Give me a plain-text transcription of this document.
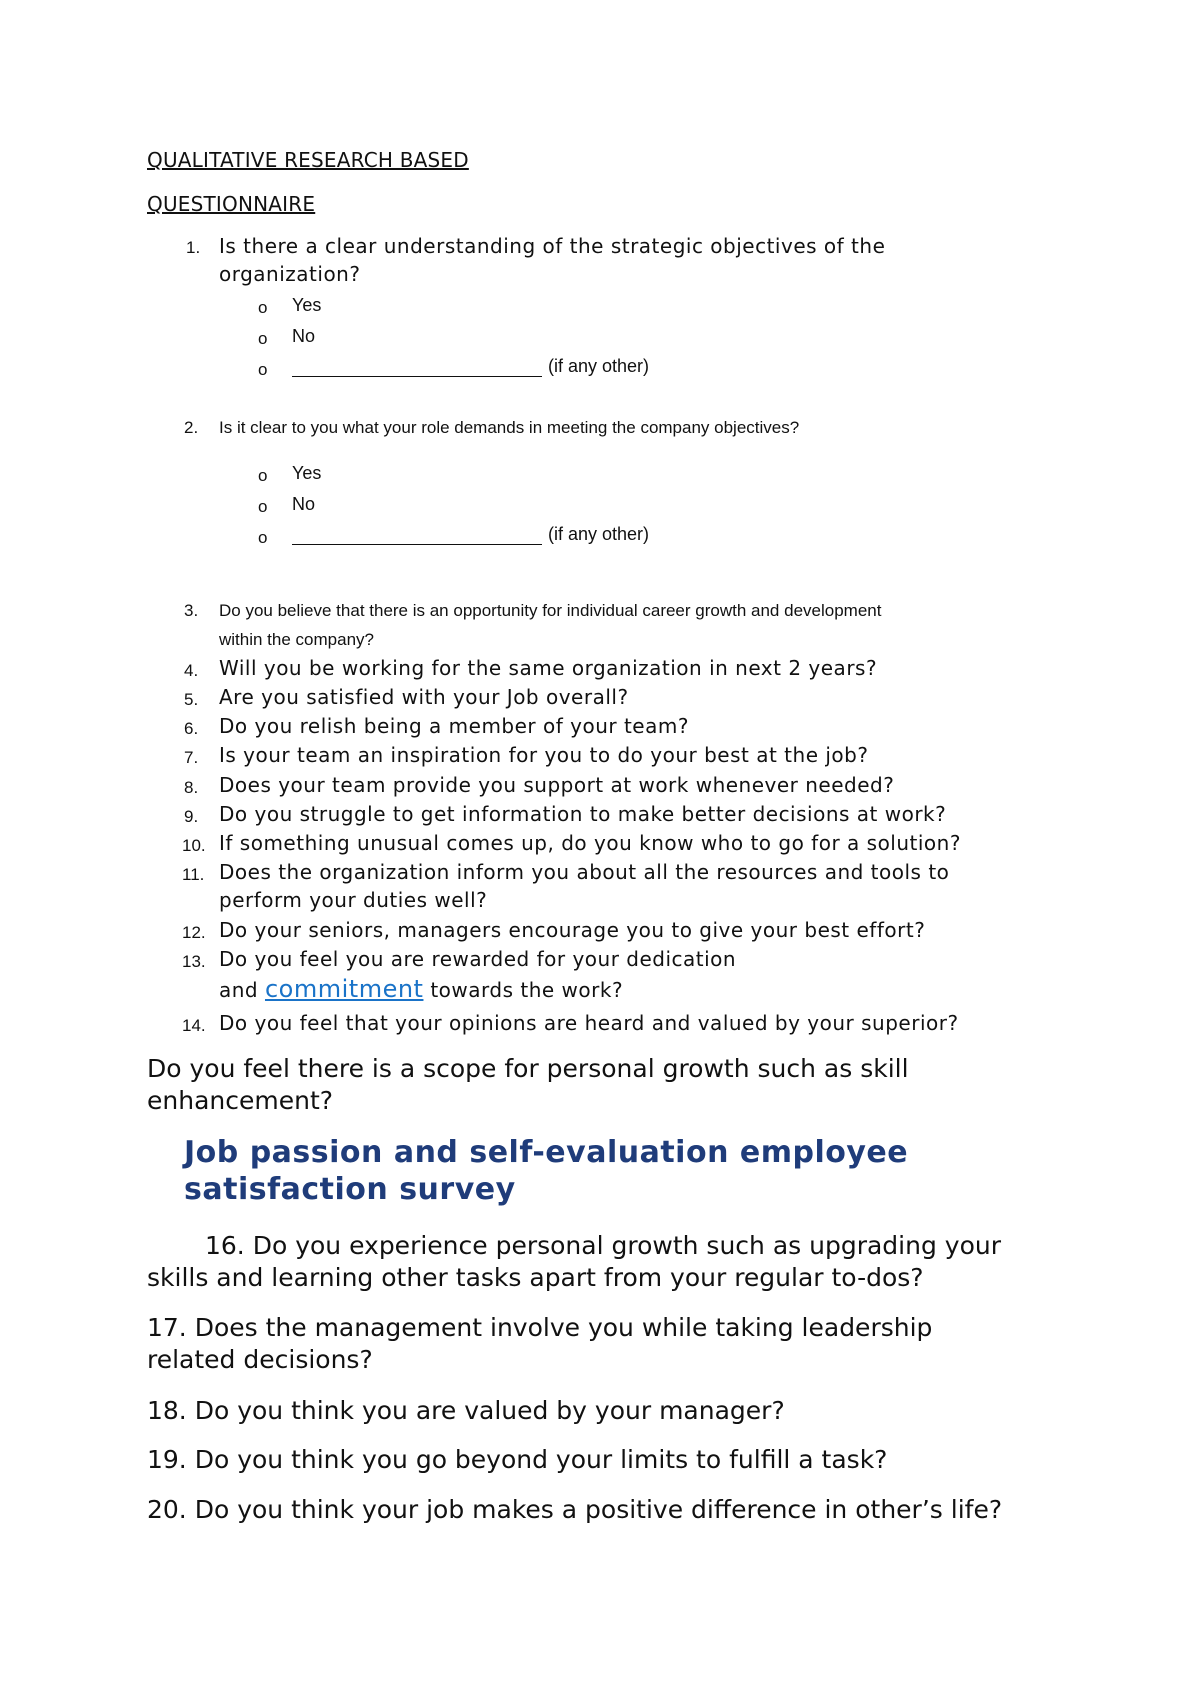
QUALITATIVE RESEARCH BASED

QUESTIONNAIRE

1. Is there a clear understanding of the strategic objectives of the

organization?

o Yes
o No
o	(if any other)
2. Is it clear to you what your role demands in meeting the company objectives?

o Yes
o No
o	(if any other)
3. Do you believe that there is an opportunity for individual career growth and development

within the company?

4. Will you be working for the same organization in next 2 years?

5. Are you satisfied with your Job overall?

6. Do you relish being a member of your team?

7. Is your team an inspiration for you to do your best at the job?

8. Does your team provide you support at work whenever needed?

9. Do you struggle to get information to make better decisions at work?

10. If something unusual comes up, do you know who to go for a solution?

11. Does the organization inform you about all the resources and tools to

perform your duties well?

12. Do your seniors, managers encourage you to give your best effort?

13. Do you feel you are rewarded for your dedication

and commitment towards the work?

14. Do you feel that your opinions are heard and valued by your superior?

Do you feel there is a scope for personal growth such as skill

enhancement?

Job passion and self-evaluation employee
satisfaction survey

16. Do you experience personal growth such as upgrading your

skills and learning other tasks apart from your regular to-dos?

17. Does the management involve you while taking leadership

related decisions?

18. Do you think you are valued by your manager?

19. Do you think you go beyond your limits to fulfill a task?

20. Do you think your job makes a positive difference in other’s life?
